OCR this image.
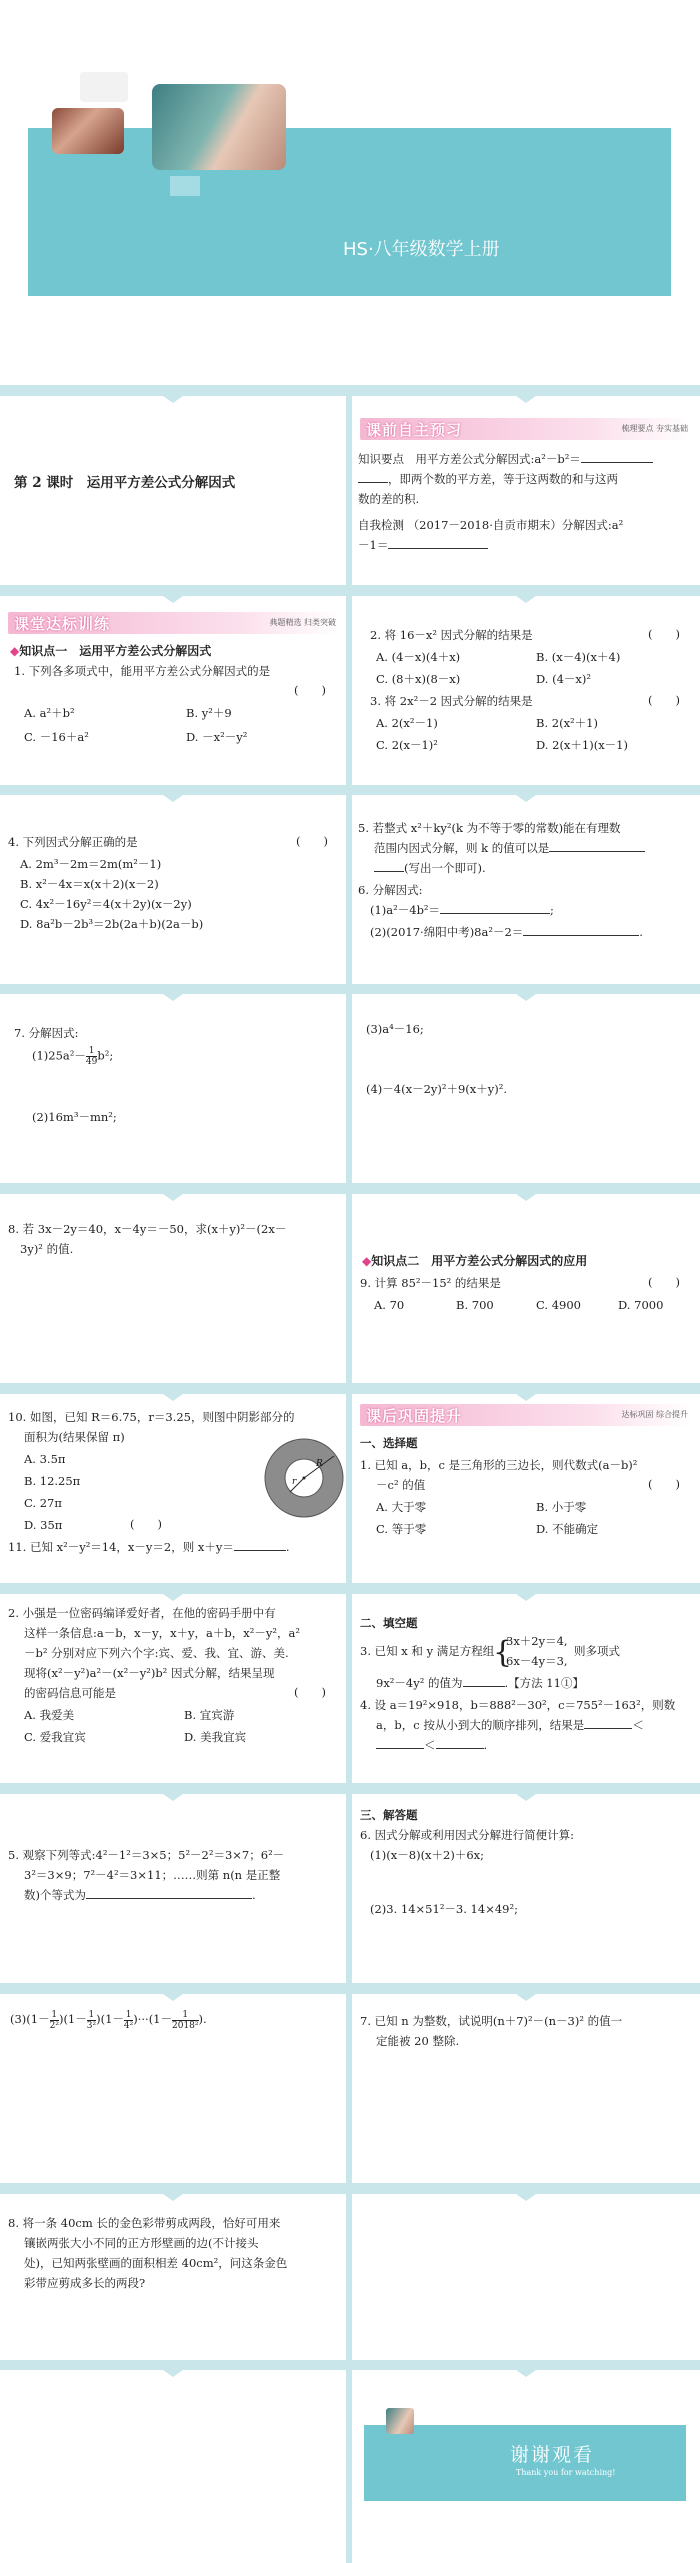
HS·八年级数学上册
第 2 课时　运用平方差公式分解因式
课前自主预习	梳理要点 夯实基础
知识要点　用平方差公式分解因式:a²－b²＝
，即两个数的平方差，等于这两数的和与这两
数的差的积.
自我检测 （2017－2018·自贡市期末）分解因式:a²
－1＝
课堂达标训练	典题精选 归类突破
◆知识点一　运用平方差公式分解因式
1. 下列各多项式中，能用平方差公式分解因式的是
(　　)
A. a²＋b²	B. y²＋9
C. －16＋a²	D. －x²－y²
2. 将 16－x² 因式分解的结果是	(　　)
A. (4－x)(4＋x)	B. (x－4)(x＋4)
C. (8＋x)(8－x)	D. (4－x)²
3. 将 2x²－2 因式分解的结果是	(　　)
A. 2(x²－1)	B. 2(x²＋1)
C. 2(x－1)²	D. 2(x＋1)(x－1)
4. 下列因式分解正确的是	(　　)
A. 2m³－2m＝2m(m²－1)
B. x²－4x＝x(x＋2)(x－2)
C. 4x²－16y²＝4(x＋2y)(x－2y)
D. 8a²b－2b³＝2b(2a＋b)(2a－b)
5. 若整式 x²＋ky²(k 为不等于零的常数)能在有理数
范围内因式分解，则 k 的值可以是
(写出一个即可).
6. 分解因式:
(1)a²－4b²＝	;
(2)(2017·绵阳中考)8a²－2＝	.
7. 分解因式:
$(1)25a^2- \frac{1}{49}b^2$;
(2)16m³－mn²;
(3)a⁴－16;
(4)－4(x－2y)²＋9(x＋y)².
8. 若 3x－2y＝40，x－4y＝－50，求(x＋y)²－(2x－
3y)² 的值.
◆知识点二　用平方差公式分解因式的应用
9. 计算 85²－15² 的结果是	(　　)
A. 70	B. 700	C. 4900	D. 7000
10. 如图，已知 R＝6.75，r＝3.25，则图中阴影部分的
面积为(结果保留 π)
A. 3.5π
B. 12.25π
C. 27π
D. 35π	(　　)
11. 已知 x²－y²＝14，x－y＝2，则 x＋y＝	.
R
r
课后巩固提升	达标巩固 综合提升
一、选择题
1. 已知 a，b，c 是三角形的三边长，则代数式(a－b)²
－c² 的值	(　　)
A. 大于零	B. 小于零
C. 等于零	D. 不能确定
2. 小强是一位密码编译爱好者，在他的密码手册中有
这样一条信息:a－b，x－y，x＋y，a＋b，x²－y²，a²
－b² 分别对应下列六个字:宾、爱、我、宜、游、美.
现将(x²－y²)a²－(x²－y²)b² 因式分解，结果呈现
的密码信息可能是	(　　)
A. 我爱美	B. 宜宾游
C. 爱我宜宾	D. 美我宜宾
二、填空题
3. 已知 x 和 y 满足方程组
{
3x＋2y＝4,
6x－4y＝3,
则多项式
9x²－4y² 的值为	.【方法 11①】
4. 设 a＝19²×918，b＝888²－30²，c＝755²－163²，则数
a，b，c 按从小到大的顺序排列，结果是	＜
＜	.
5. 观察下列等式:4²－1²＝3×5；5²－2²＝3×7；6²－
3²＝3×9；7²－4²＝3×11；……则第 n(n 是正整
数)个等式为	.
三、解答题
6. 因式分解或利用因式分解进行简便计算:
(1)(x－8)(x＋2)＋6x;
(2)3. 14×51²－3. 14×49²;
$(3)(1- \frac{1}{\text{2²}})(1- \frac{1}{\text{3²}})(1- \frac{1}{\text{4²}})\cdot\cdot\cdot(1- \frac{1}{\text{2018²}})$.	7. 已知 n 为整数，试说明(n＋7)²－(n－3)² 的值一
定能被 20 整除.
8. 将一条 40cm 长的金色彩带剪成两段，恰好可用来
镶嵌两张大小不同的正方形壁画的边(不计接头
处)，已知两张壁画的面积相差 40cm²，问这条金色
彩带应剪成多长的两段?
谢谢观看
Thank you for watching!
